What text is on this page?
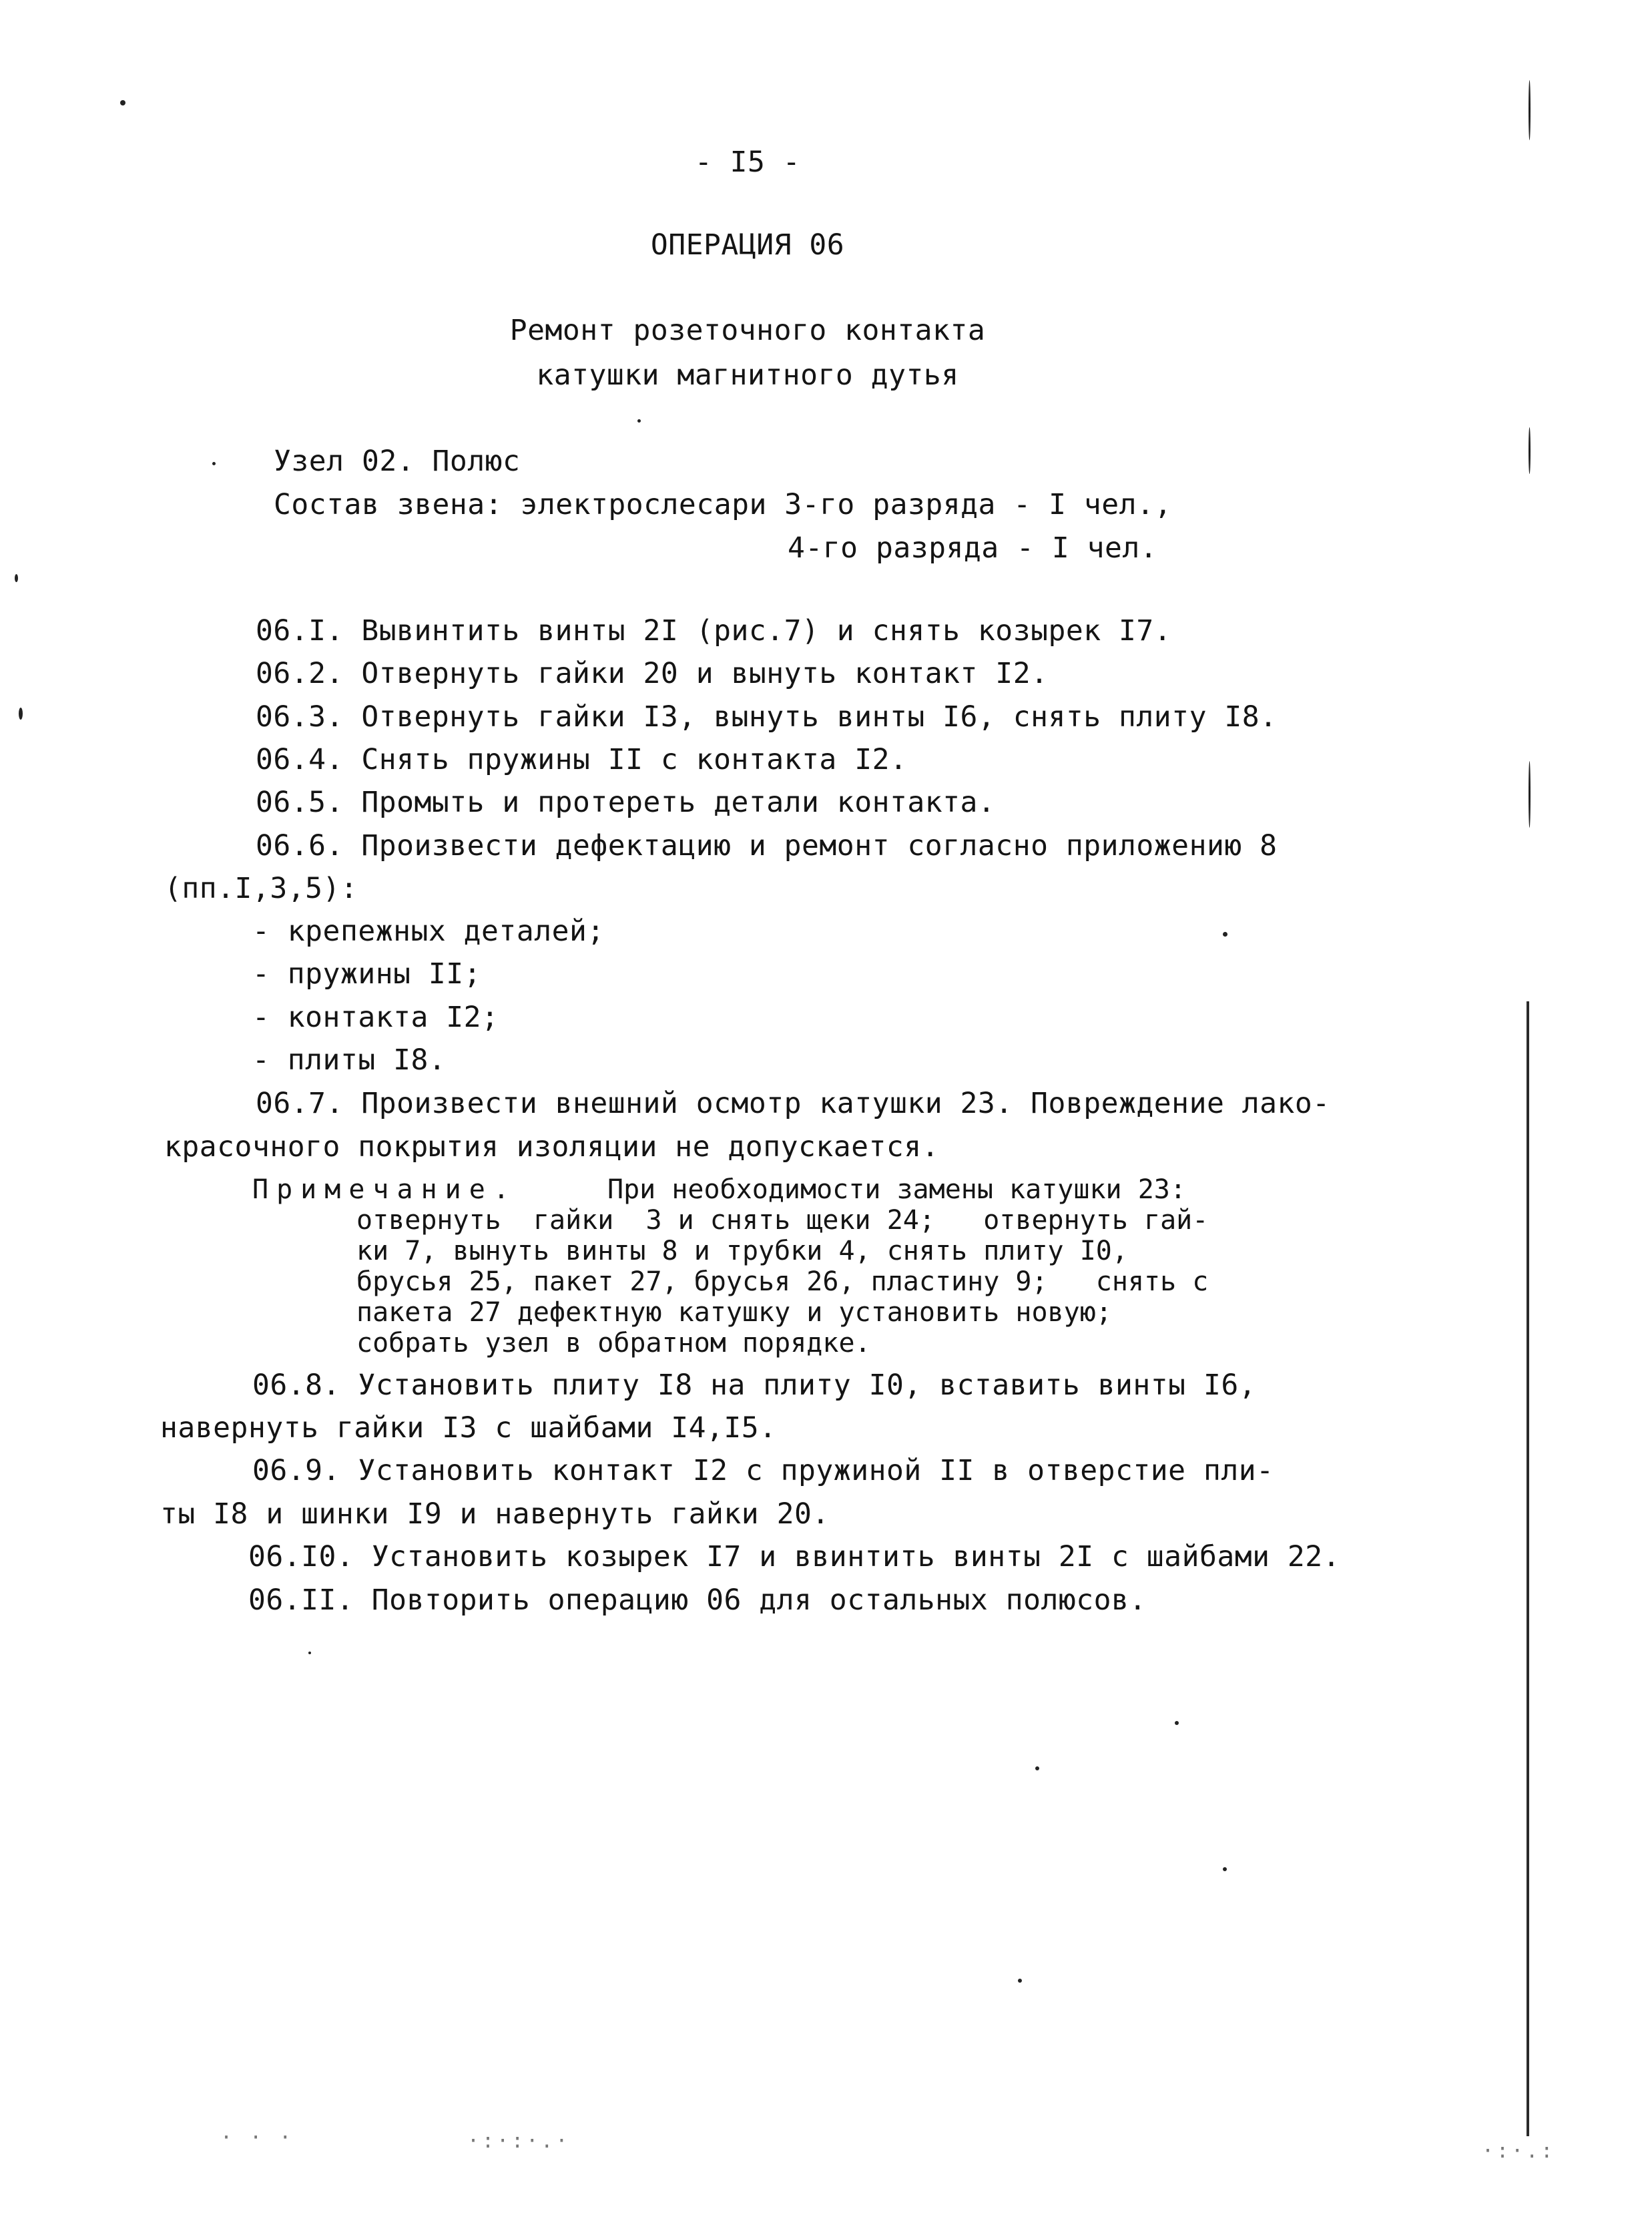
- I5 -
ОПЕРАЦИЯ 06
Ремонт розеточного контакта
катушки магнитного дутья
Узел 02. Полюс
Состав звена: электрослесари 3-го разряда - I чел.,
4-го разряда - I чел.
06.I. Вывинтить винты 2I (рис.7) и снять козырек I7.
06.2. Отвернуть гайки 20 и вынуть контакт I2.
06.3. Отвернуть гайки I3, вынуть винты I6, снять плиту I8.
06.4. Снять пружины II с контакта I2.
06.5. Промыть и протереть детали контакта.
06.6. Произвести дефектацию и ремонт согласно приложению 8
(пп.I,3,5):
- крепежных деталей;
- пружины II;
- контакта I2;
- плиты I8.
06.7. Произвести внешний осмотр катушки 23. Повреждение лако-
красочного покрытия изоляции не допускается.
Примечание.	При необходимости замены катушки 23:
отвернуть  гайки  3 и снять щеки 24;   отвернуть гай-
ки 7, вынуть винты 8 и трубки 4, снять плиту I0,
брусья 25, пакет 27, брусья 26, пластину 9;   снять с
пакета 27 дефектную катушку и установить новую;
собрать узел в обратном порядке.
06.8. Установить плиту I8 на плиту I0, вставить винты I6,
навернуть гайки I3 с шайбами I4,I5.
06.9. Установить контакт I2 с пружиной II в отверстие пли-
ты I8 и шинки I9 и навернуть гайки 20.
06.I0. Установить козырек I7 и ввинтить винты 2I с шайбами 22.
06.II. Повторить операцию 06 для остальных полюсов.
·:·:·.·	·:·.:
· · ·
